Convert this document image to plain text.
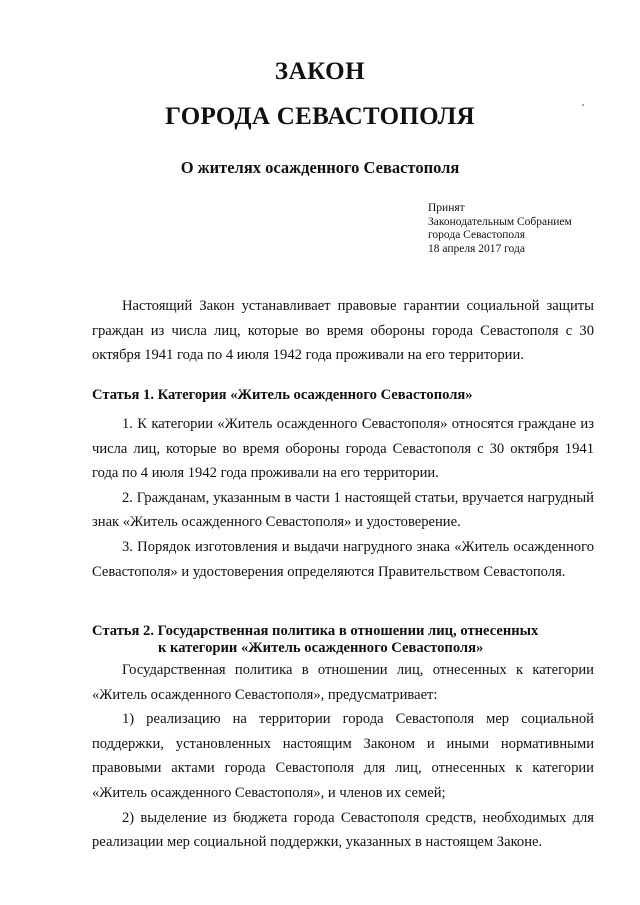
ЗАКОН
ГОРОДА СЕВАСТОПОЛЯ
О жителях осажденного Севастополя
Принят
Законодательным Собранием
города Севастополя
18 апреля 2017 года

Настоящий Закон устанавливает правовые гарантии социальной защиты граждан из числа лиц, которые во время обороны города Севастополя с 30 октября 1941 года по 4 июля 1942 года проживали на его территории.

Статья 1. Категория «Житель осажденного Севастополя»

1. К категории «Житель осажденного Севастополя» относятся граждане из числа лиц, которые во время обороны города Севастополя с 30 октября 1941 года по 4 июля 1942 года проживали на его территории.

2. Гражданам, указанным в части 1 настоящей статьи, вручается нагрудный знак «Житель осажденного Севастополя» и удостоверение.

3. Порядок изготовления и выдачи нагрудного знака «Житель осажденного Севастополя» и удостоверения определяются Правительством Севастополя.

Статья 2. Государственная политика в отношении лиц, отнесенных
к категории «Житель осажденного Севастополя»

Государственная политика в отношении лиц, отнесенных к категории «Житель осажденного Севастополя», предусматривает:

1) реализацию на территории города Севастополя мер социальной поддержки, установленных настоящим Законом и иными нормативными правовыми актами города Севастополя для лиц, отнесенных к категории «Житель осажденного Севастополя», и членов их семей;

2) выделение из бюджета города Севастополя средств, необходимых для реализации мер социальной поддержки, указанных в настоящем Законе.
